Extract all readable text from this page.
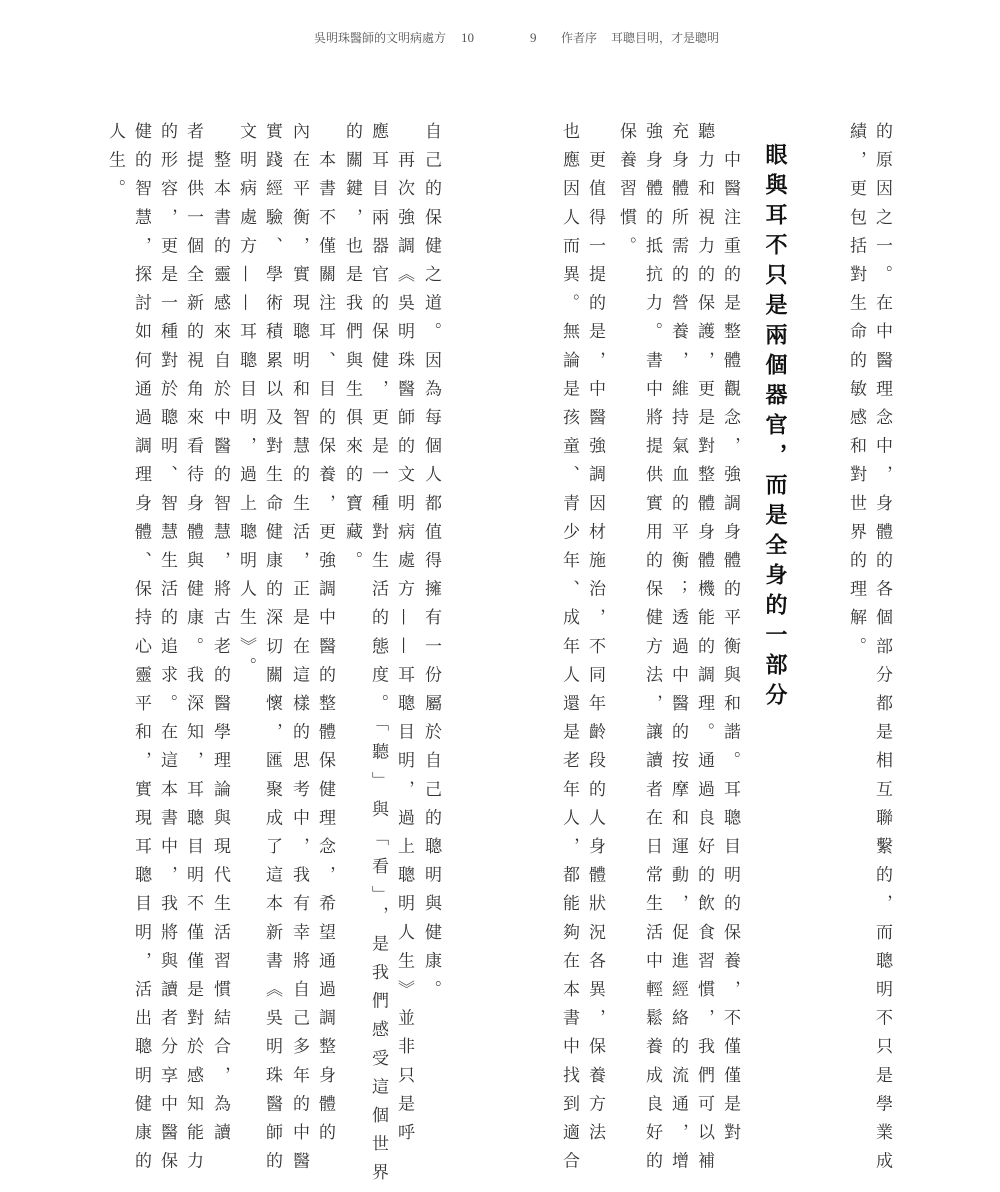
吳明珠醫師的文明病處方 10	9 作者序 耳聰目明，才是聰明
的原因之一。在中醫理念中，身體的各個部分都是相互聯繫的，而聰明不只是學業成
績，更包括對生命的敏感和對世界的理解。
眼與耳不只是兩個器官，而是全身的一部分
　中醫注重的是整體觀念，強調身體的平衡與和諧。耳聰目明的保養，不僅僅是對
聽力和視力的保護，更是對整體身體機能的調理。通過良好的飲食習慣，我們可以補
充身體所需的營養，維持氣血的平衡；透過中醫的按摩和運動，促進經絡的流通，增
強身體的抵抗力。書中將提供實用的保健方法，讓讀者在日常生活中輕鬆養成良好的
保養習慣。
　更值得一提的是，中醫強調因材施治，不同年齡段的人身體狀況各異，保養方法
也應因人而異。無論是孩童、青少年、成年人還是老年人，都能夠在本書中找到適合
自己的保健之道。因為每個人都值得擁有一份屬於自己的聰明與健康。
　再次強調《吳明珠醫師的文明病處方——耳聰目明，過上聰明人生》並非只是呼
應耳目兩器官的保健，更是一種對生活的態度。「聽」與「看」，是我們感受這個世界
的關鍵，也是我們與生俱來的寶藏。
　本書不僅關注耳、目的保養，更強調中醫的整體保健理念，希望通過調整身體的
內在平衡，實現聰明和智慧的生活，正是在這樣的思考中，我有幸將自己多年的中醫
實踐經驗、學術積累以及對生命健康的深切關懷，匯聚成了這本新書《吳明珠醫師的
文明病處方——耳聰目明，過上聰明人生》。
　整本書的靈感來自於中醫的智慧，將古老的醫學理論與現代生活習慣結合，為讀
者提供一個全新的視角來看待身體與健康。我深知，耳聰目明不僅僅是對於感知能力
的形容，更是一種對於聰明、智慧生活的追求。在這本書中，我將與讀者分享中醫保
健的智慧，探討如何通過調理身體、保持心靈平和，實現耳聰目明，活出聰明健康的
人生。
